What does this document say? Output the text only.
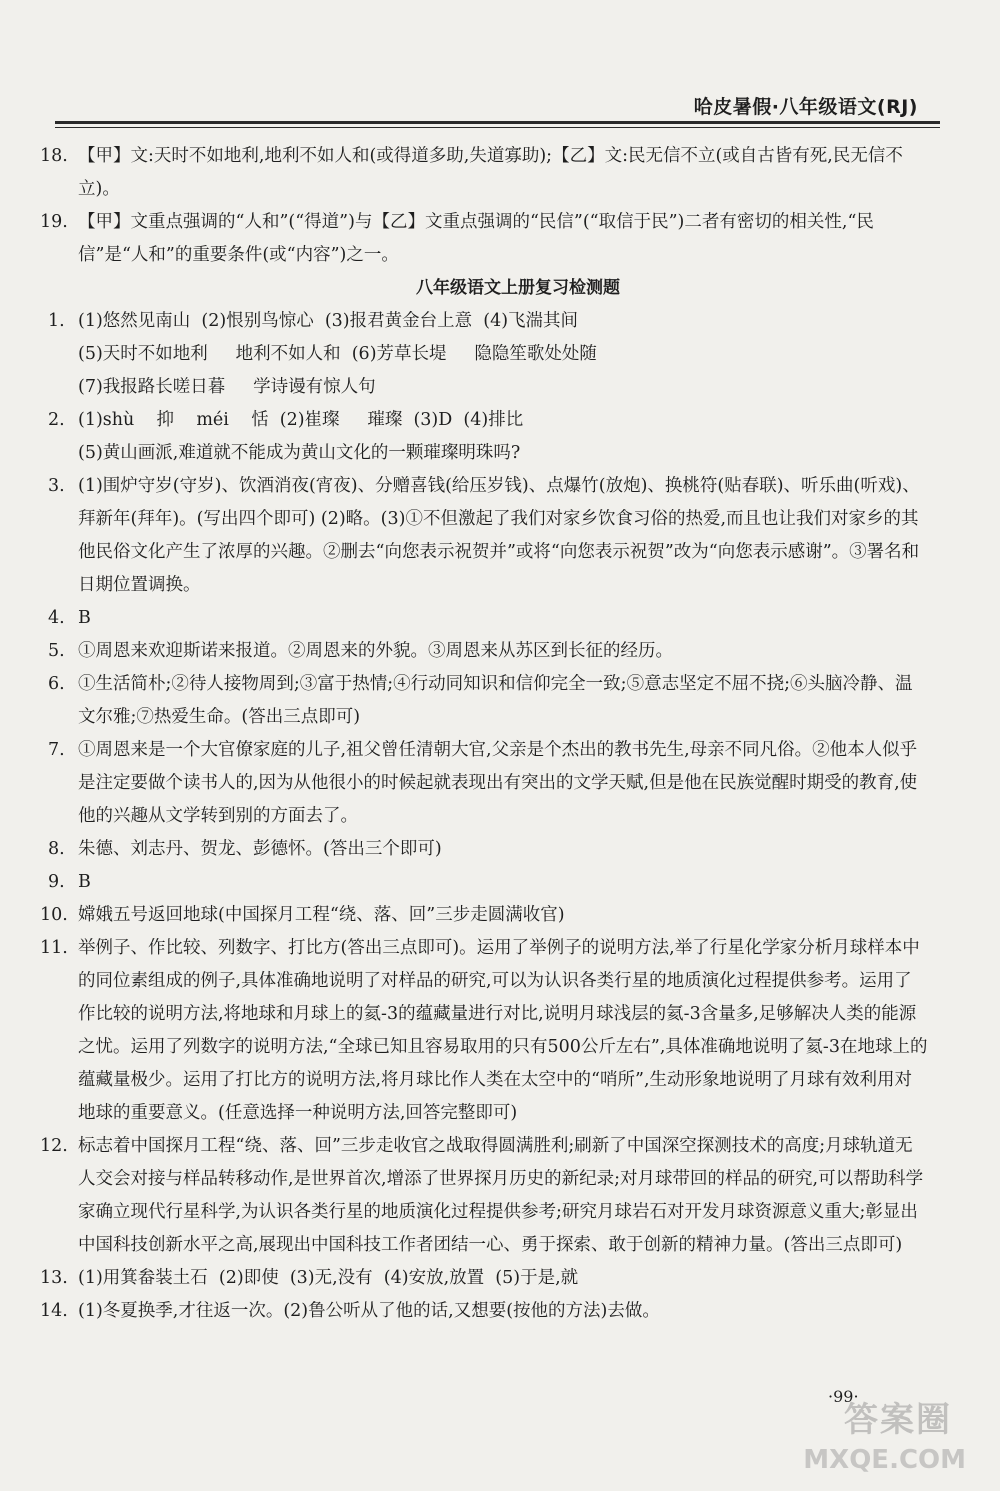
哈皮暑假·八年级语文(RJ)
18. 【甲】文:天时不如地利,地利不如人和(或得道多助,失道寡助);【乙】文:民无信不立(或自古皆有死,民无信不立)。
19. 【甲】文重点强调的“人和”(“得道”)与【乙】文重点强调的“民信”(“取信于民”)二者有密切的相关性,“民信”是“人和”的重要条件(或“内容”)之一。
八年级语文上册复习检测题
1. (1)悠然见南山  (2)恨别鸟惊心  (3)报君黄金台上意  (4)飞湍其间
(5)天时不如地利     地利不如人和  (6)芳草长堤     隐隐笙歌处处随
(7)我报路长嗟日暮     学诗谩有惊人句
2. (1)shù    抑    méi    恬  (2)崔璨     璀璨  (3)D  (4)排比
(5)黄山画派,难道就不能成为黄山文化的一颗璀璨明珠吗?
3. (1)围炉守岁(守岁)、饮酒消夜(宵夜)、分赠喜钱(给压岁钱)、点爆竹(放炮)、换桃符(贴春联)、听乐曲(听戏)、拜新年(拜年)。(写出四个即可) (2)略。(3)①不但激起了我们对家乡饮食习俗的热爱,而且也让我们对家乡的其他民俗文化产生了浓厚的兴趣。②删去“向您表示祝贺并”或将“向您表示祝贺”改为“向您表示感谢”。③署名和日期位置调换。
4. B
5. ①周恩来欢迎斯诺来报道。②周恩来的外貌。③周恩来从苏区到长征的经历。
6. ①生活简朴;②待人接物周到;③富于热情;④行动同知识和信仰完全一致;⑤意志坚定不屈不挠;⑥头脑冷静、温文尔雅;⑦热爱生命。(答出三点即可)
7. ①周恩来是一个大官僚家庭的儿子,祖父曾任清朝大官,父亲是个杰出的教书先生,母亲不同凡俗。②他本人似乎是注定要做个读书人的,因为从他很小的时候起就表现出有突出的文学天赋,但是他在民族觉醒时期受的教育,使他的兴趣从文学转到别的方面去了。
8. 朱德、刘志丹、贺龙、彭德怀。(答出三个即可)
9. B
10. 嫦娥五号返回地球(中国探月工程“绕、落、回”三步走圆满收官)
11. 举例子、作比较、列数字、打比方(答出三点即可)。运用了举例子的说明方法,举了行星化学家分析月球样本中的同位素组成的例子,具体准确地说明了对样品的研究,可以为认识各类行星的地质演化过程提供参考。运用了作比较的说明方法,将地球和月球上的氦-3的蕴藏量进行对比,说明月球浅层的氦-3含量多,足够解决人类的能源之忧。运用了列数字的说明方法,“全球已知且容易取用的只有500公斤左右”,具体准确地说明了氦-3在地球上的蕴藏量极少。运用了打比方的说明方法,将月球比作人类在太空中的“哨所”,生动形象地说明了月球有效利用对地球的重要意义。(任意选择一种说明方法,回答完整即可)
12. 标志着中国探月工程“绕、落、回”三步走收官之战取得圆满胜利;刷新了中国深空探测技术的高度;月球轨道无人交会对接与样品转移动作,是世界首次,增添了世界探月历史的新纪录;对月球带回的样品的研究,可以帮助科学家确立现代行星科学,为认识各类行星的地质演化过程提供参考;研究月球岩石对开发月球资源意义重大;彰显出中国科技创新水平之高,展现出中国科技工作者团结一心、勇于探索、敢于创新的精神力量。(答出三点即可)
13. (1)用箕畚装土石  (2)即使  (3)无,没有  (4)安放,放置  (5)于是,就
14. (1)冬夏换季,才往返一次。(2)鲁公听从了他的话,又想要(按他的方法)去做。
·99·
答案圈
MXQE.COM
